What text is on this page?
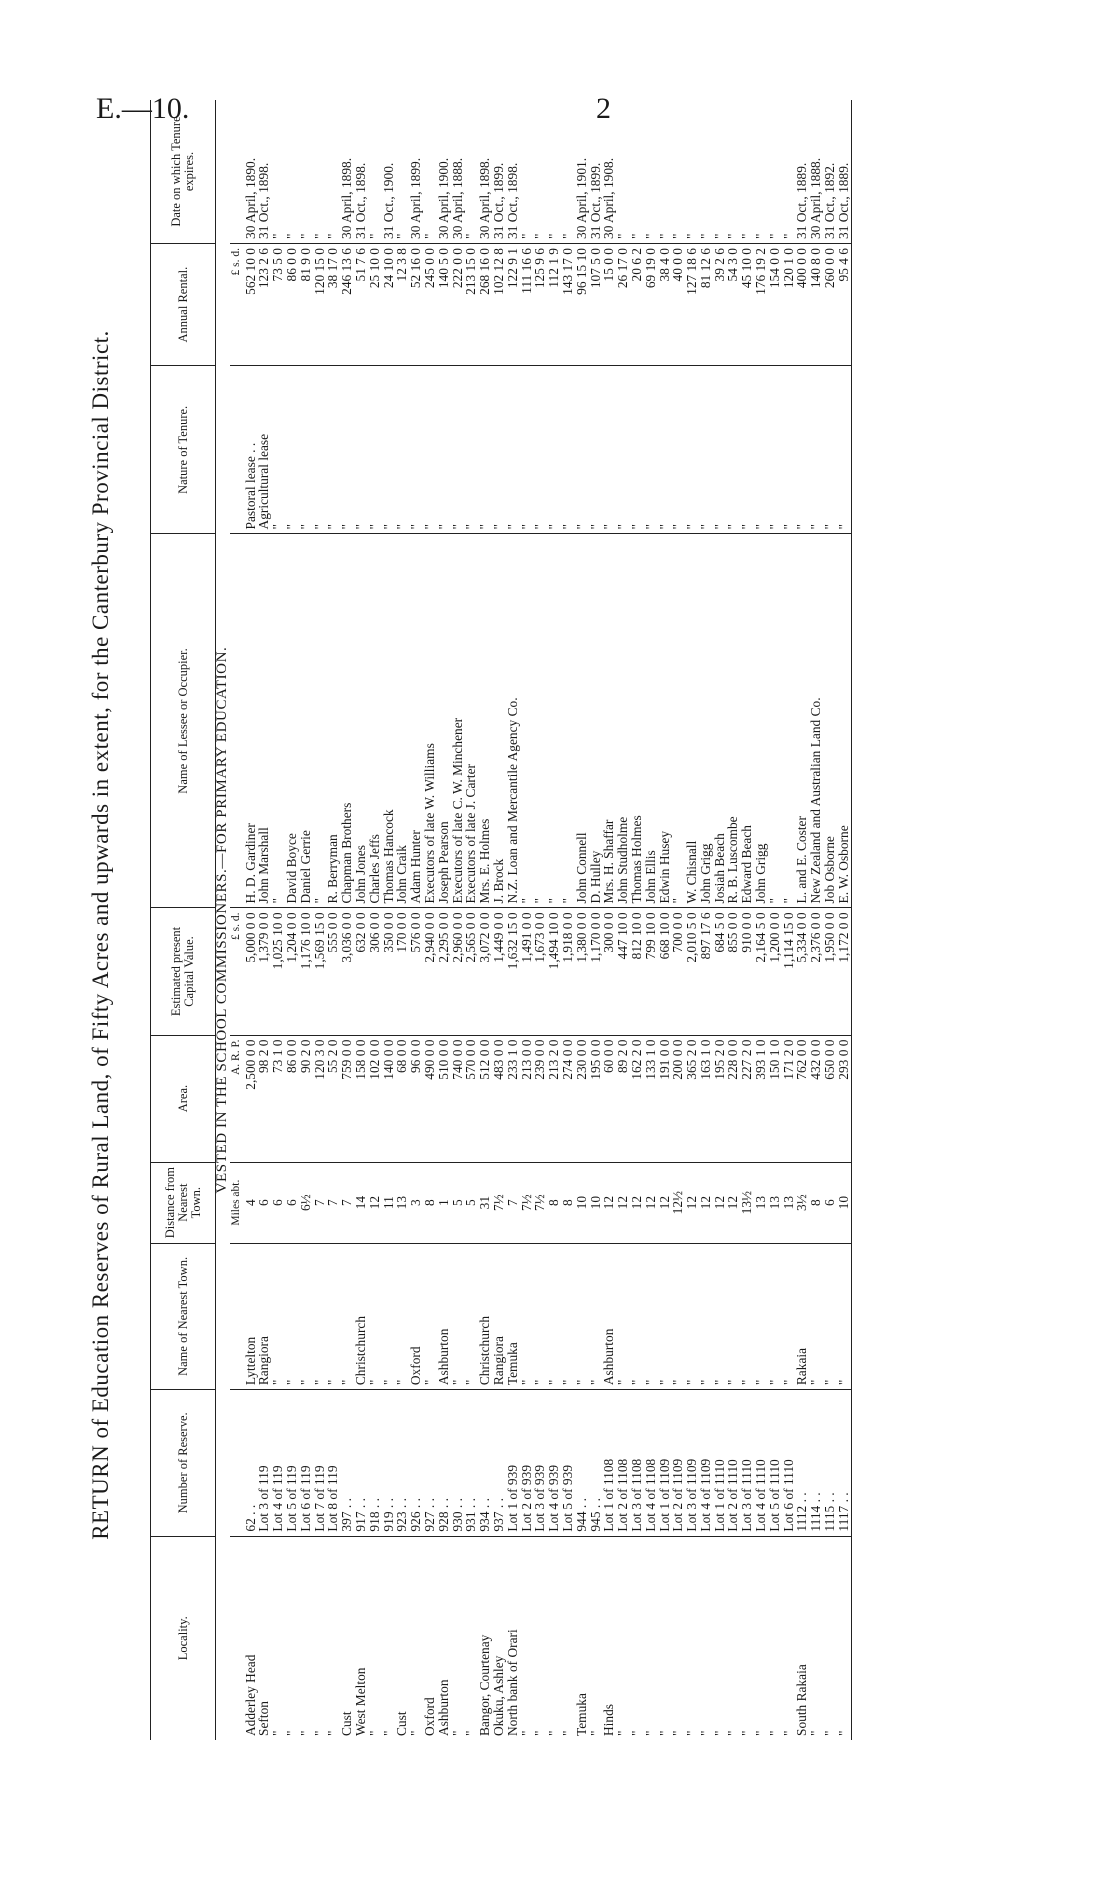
E.—10.	2
RETURN of Education Reserves of Rural Land, of Fifty Acres and upwards in extent, for the Canterbury Provincial District.
Locality.	Number of Reserve.	Name of Nearest Town.	Distance from Nearest Town.	Area.	Estimated present Capital Value.	Name of Lessee or Occupier.	Nature of Tenure.	Annual Rental.	Date on which Tenure expires.
VESTED IN THE SCHOOL COMMISSIONERS.—FOR PRIMARY EDUCATION.									
			Miles abt.	A. R. P.	£ s. d.			£ s. d.	
Adderley Head	62 . .	Lyttelton	4	2,500 0 0	5,000 0 0	H. D. Gardiner	Pastoral lease . .	562 10 0	30 April, 1890.
Sefton	Lot 3 of 119	Rangiora	6	98 2 0	1,379 0 0	John Marshall	Agricultural lease	123 2 6	31 Oct., 1898.
"	Lot 4 of 119	"	6	73 1 0	1,025 10 0	"	"	73 5 0	"
"	Lot 5 of 119	"	6	86 0 0	1,204 0 0	David Boyce	"	86 0 0	"
"	Lot 6 of 119	"	6½	90 2 0	1,176 10 0	Daniel Gerrie	"	81 9 0	"
"	Lot 7 of 119	"	7	120 3 0	1,569 15 0	"	"	120 15 0	"
"	Lot 8 of 119	"	7	55 2 0	555 0 0	R. Berryman	"	38 17 0	"
Cust	397 . .	"	7	759 0 0	3,036 0 0	Chapman Brothers	"	246 13 6	30 April, 1898.
West Melton	917 . .	Christchurch	14	158 0 0	632 0 0	John Jones	"	51 7 6	31 Oct., 1898.
"	918 . .	"	12	102 0 0	306 0 0	Charles Jeffs	"	25 10 0	"
"	919 . .	"	11	140 0 0	350 0 0	Thomas Hancock	"	24 10 0	31 Oct., 1900.
Cust	923 . .	"	13	68 0 0	170 0 0	John Craik	"	12 3 8	"
"	926 . .	Oxford	3	96 0 0	576 0 0	Adam Hunter	"	52 16 0	30 April, 1899.
Oxford	927 . .	"	8	490 0 0	2,940 0 0	Executors of late W. Williams	"	245 0 0	"
Ashburton	928 . .	Ashburton	1	510 0 0	2,295 0 0	Joseph Pearson	"	140 5 0	30 April, 1900.
"	930 . .	"	5	740 0 0	2,960 0 0	Executors of late C. W. Minchener	"	222 0 0	30 April, 1888.
"	931 . .	"	5	570 0 0	2,565 0 0	Executors of late J. Carter	"	213 15 0	"
Bangor, Courtenay	934 . .	Christchurch	31	512 0 0	3,072 0 0	Mrs. E. Holmes	"	268 16 0	30 April, 1898.
Okuku, Ashley	937 . .	Rangiora	7½	483 0 0	1,449 0 0	J. Brock	"	102 12 8	31 Oct., 1899.
North bank of Orari	Lot 1 of 939	Temuka	7	233 1 0	1,632 15 0	N.Z. Loan and Mercantile Agency Co.	"	122 9 1	31 Oct., 1898.
"	Lot 2 of 939	"	7½	213 0 0	1,491 0 0	"	"	111 16 6	"
"	Lot 3 of 939	"	7½	239 0 0	1,673 0 0	"	"	125 9 6	"
"	Lot 4 of 939	"	8	213 2 0	1,494 10 0	"	"	112 1 9	"
"	Lot 5 of 939	"	8	274 0 0	1,918 0 0	"	"	143 17 0	"
Temuka	944 . .	"	10	230 0 0	1,380 0 0	John Connell	"	96 15 10	30 April, 1901.
"	945 . .	"	10	195 0 0	1,170 0 0	D. Hulley	"	107 5 0	31 Oct., 1899.
Hinds	Lot 1 of 1108	Ashburton	12	60 0 0	300 0 0	Mrs. H. Shaffar	"	15 0 0	30 April, 1908.
"	Lot 2 of 1108	"	12	89 2 0	447 10 0	John Studholme	"	26 17 0	"
"	Lot 3 of 1108	"	12	162 2 0	812 10 0	Thomas Holmes	"	20 6 2	"
"	Lot 4 of 1108	"	12	133 1 0	799 10 0	John Ellis	"	69 19 0	"
"	Lot 1 of 1109	"	12	191 0 0	668 10 0	Edwin Husey	"	38 4 0	"
"	Lot 2 of 1109	"	12½	200 0 0	700 0 0	"	"	40 0 0	"
"	Lot 3 of 1109	"	12	365 2 0	2,010 5 0	W. Chisnall	"	127 18 6	"
"	Lot 4 of 1109	"	12	163 1 0	897 17 6	John Grigg	"	81 12 6	"
"	Lot 1 of 1110	"	12	195 2 0	684 5 0	Josiah Beach	"	39 2 6	"
"	Lot 2 of 1110	"	12	228 0 0	855 0 0	R. B. Luscombe	"	54 3 0	"
"	Lot 3 of 1110	"	13½	227 2 0	910 0 0	Edward Beach	"	45 10 0	"
"	Lot 4 of 1110	"	13	393 1 0	2,164 5 0	John Grigg	"	176 19 2	"
"	Lot 5 of 1110	"	13	150 1 0	1,200 0 0	"	"	154 0 0	"
"	Lot 6 of 1110	"	13	171 2 0	1,114 15 0	"	"	120 1 0	"
South Rakaia	1112 . .	Rakaia	3½	762 0 0	5,334 0 0	L. and E. Coster	"	400 0 0	31 Oct., 1889.
"	1114 . .	"	8	432 0 0	2,376 0 0	New Zealand and Australian Land Co.	"	140 8 0	30 April, 1888.
"	1115 . .	"	6	650 0 0	1,950 0 0	Job Osborne	"	260 0 0	31 Oct., 1892.
"	1117 . .	"	10	293 0 0	1,172 0 0	E. W. Osborne	"	95 4 6	31 Oct., 1889.
